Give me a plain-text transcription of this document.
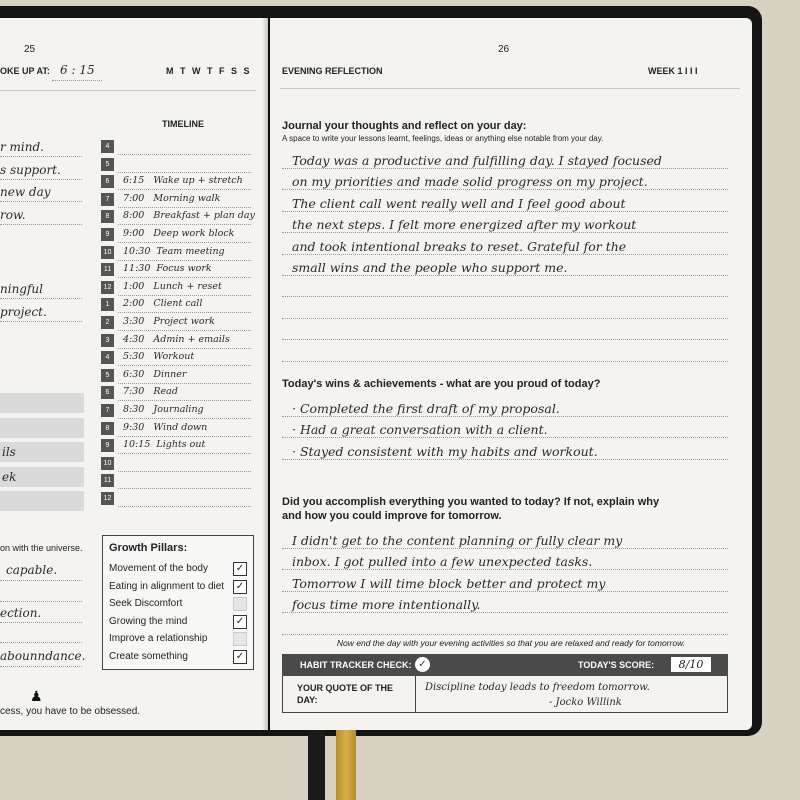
25
OKE UP AT: 6 : 15	M T W T F S S
TIMELINE
r mind.
s support.
new day
row.
ningful
project.
ils
ek
4
5
6	6:15   Wake up + stretch
7	7:00   Morning walk
8	8:00   Breakfast + plan day
9	9:00   Deep work block
10 10:30  Team meeting
11	11:30  Focus work
12 1:00   Lunch + reset
1	2:00   Client call
2	3:30   Project work
3	4:30   Admin + emails
4	5:30   Workout
5	6:30   Dinner
6	7:30   Read
7	8:30   Journaling
8	9:30   Wind down
9	10:15  Lights out
10
11
12
on with the universe.
capable.
ection.
abounndance.
Growth Pillars:
Movement of the body	✓
Eating in alignment to diet ✓
Seek Discomfort
Growing the mind	✓
Improve a relationship
Create something	✓
♟
cess, you have to be obsessed.
26
EVENING REFLECTION	WEEK 1 I I I
Journal your thoughts and reflect on your day:
A space to write your lessons learnt, feelings, ideas or anything else notable from your day.
Today was a productive and fulfilling day. I stayed focused
on my priorities and made solid progress on my project.
The client call went really well and I feel good about
the next steps. I felt more energized after my workout
and took intentional breaks to reset. Grateful for the
small wins and the people who support me.
Today's wins & achievements - what are you proud of today?
· Completed the first draft of my proposal.
· Had a great conversation with a client.
· Stayed consistent with my habits and workout.
Did you accomplish everything you wanted to today? If not, explain why
and how you could improve for tomorrow.
I didn't get to the content planning or fully clear my
inbox. I got pulled into a few unexpected tasks.
Tomorrow I will time block better and protect my
focus time more intentionally.
Now end the day with your evening activities so that you are relaxed and ready for tomorrow.
HABIT TRACKER CHECK: ✓	TODAY'S SCORE:	8/10
YOUR QUOTE OF THE DAY:
Discipline today leads to freedom tomorrow.
- Jocko Willink
